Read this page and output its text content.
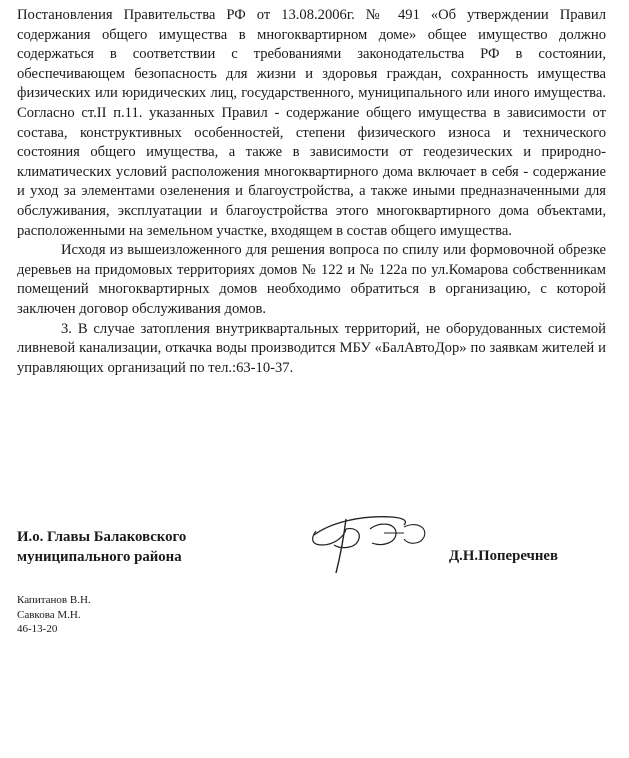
Постановления Правительства РФ от 13.08.2006г. № 491 «Об утверждении Правил содержания общего имущества в многоквартирном доме» общее имущество должно содержаться в соответствии с требованиями законодательства РФ в состоянии, обеспечивающем безопасность для жизни и здоровья граждан, сохранность имущества физических или юридических лиц, государственного, муниципального или иного имущества. Согласно ст.II п.11. указанных Правил - содержание общего имущества в зависимости от состава, конструктивных особенностей, степени физического износа и технического состояния общего имущества, а также в зависимости от геодезических и природно-климатических условий расположения многоквартирного дома включает в себя - содержание и уход за элементами озеленения и благоустройства, а также иными предназначенными для обслуживания, эксплуатации и благоустройства этого многоквартирного дома объектами, расположенными на земельном участке, входящем в состав общего имущества.

Исходя из вышеизложенного для решения вопроса по спилу или формовочной обрезке деревьев на придомовых территориях домов № 122 и № 122а по ул.Комарова собственникам помещений многоквартирных домов необходимо обратиться в организацию, с которой заключен договор обслуживания домов.

3. В случае затопления внутриквартальных территорий, не оборудованных системой ливневой канализации, откачка воды производится МБУ «БалАвтоДор» по заявкам жителей и управляющих организаций по тел.:63-10-37.

И.о. Главы Балаковского
муниципального района	Д.Н.Поперечнев
Капитанов В.Н.
Савкова М.Н.
46-13-20
